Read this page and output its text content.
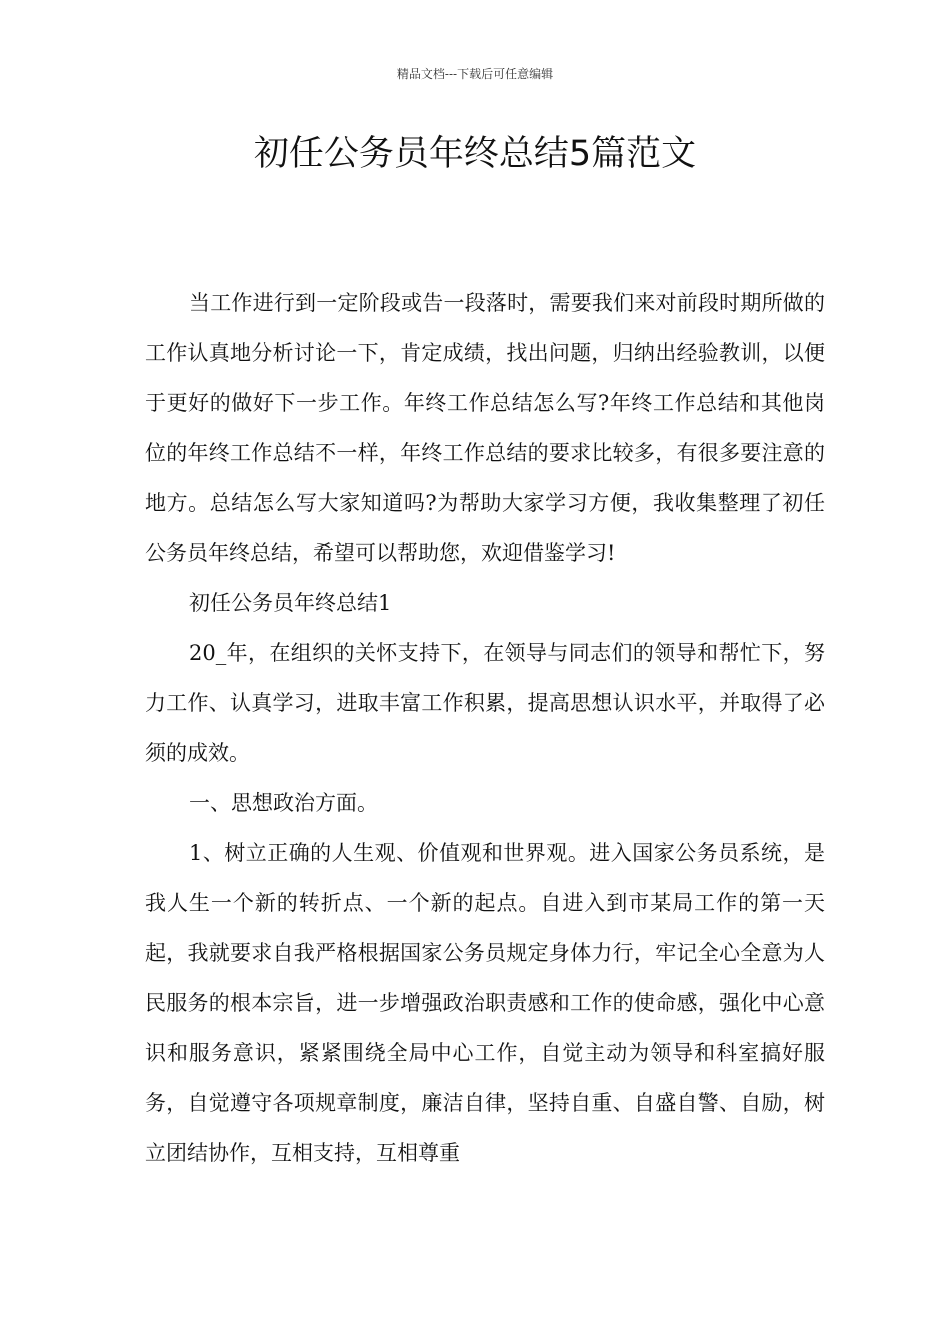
精品文档---下载后可任意编辑
初任公务员年终总结5篇范文

当工作进行到一定阶段或告一段落时，需要我们来对前段时期所做的工作认真地分析讨论一下，肯定成绩，找出问题，归纳出经验教训，以便于更好的做好下一步工作。年终工作总结怎么写?年终工作总结和其他岗位的年终工作总结不一样，年终工作总结的要求比较多，有很多要注意的地方。总结怎么写大家知道吗?为帮助大家学习方便，我收集整理了初任公务员年终总结，希望可以帮助您，欢迎借鉴学习!

初任公务员年终总结1

20_年，在组织的关怀支持下，在领导与同志们的领导和帮忙下，努力工作、认真学习，进取丰富工作积累，提高思想认识水平，并取得了必须的成效。

一、思想政治方面。

1、树立正确的人生观、价值观和世界观。进入国家公务员系统，是我人生一个新的转折点、一个新的起点。自进入到市某局工作的第一天起，我就要求自我严格根据国家公务员规定身体力行，牢记全心全意为人民服务的根本宗旨，进一步增强政治职责感和工作的使命感，强化中心意识和服务意识，紧紧围绕全局中心工作，自觉主动为领导和科室搞好服务，自觉遵守各项规章制度，廉洁自律，坚持自重、自盛自警、自励，树立团结协作，互相支持，互相尊重
